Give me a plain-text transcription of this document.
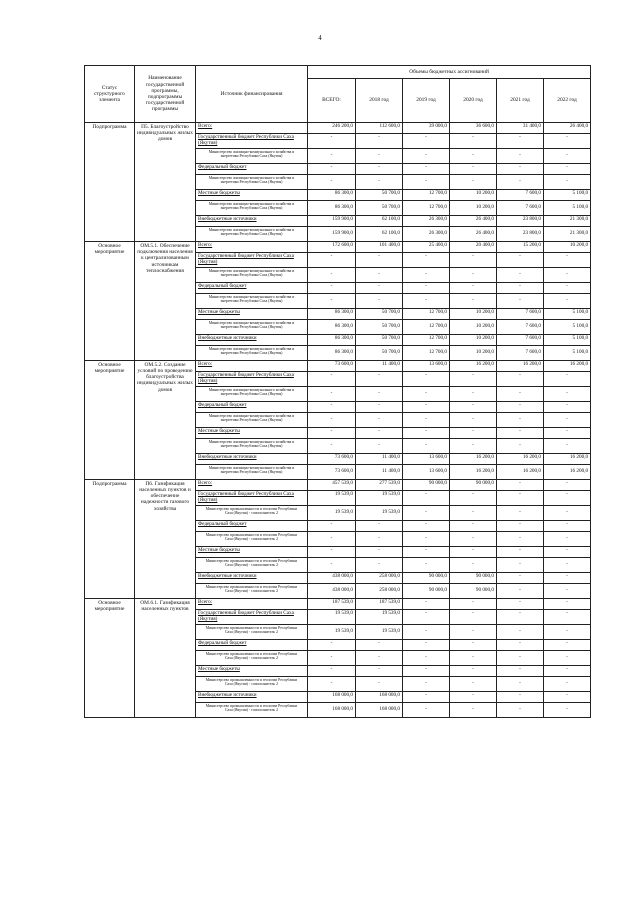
4
Статус структурного элемента	Наименование государственной программы, подпрограммы государственной программы	Источник финансирования	Объемы бюджетных ассигнований					
			ВСЕГО:	2018 год	2019 год	2020 год	2021 год	2022 год
Подпрограмма	П5. Благоустройство индивидуальных жилых домов	Всего:	246 200,0	112 600,0	39 000,0	36 600,0	31 400,0	26 400,0
		Государственный бюджет Республики Саха (Якутия)	-	-	-	-	-	-
		Министерство жилищно-коммунального хозяйства и энергетики Республики Саха (Якутия)	-	-	-	-	-	-
		Федеральный бюджет	-	-	-	-	-	-
		Министерство жилищно-коммунального хозяйства и энергетики Республики Саха (Якутия)	-	-	-	-	-	-
		Местные бюджеты	86 300,0	50 700,0	12 700,0	10 200,0	7 600,0	5 100,0
		Министерство жилищно-коммунального хозяйства и энергетики Республики Саха (Якутия)	86 300,0	50 700,0	12 700,0	10 200,0	7 600,0	5 100,0
		Внебюджетные источники	159 900,0	62 100,0	26 300,0	26 400,0	23 800,0	21 300,0
		Министерство жилищно-коммунального хозяйства и энергетики Республики Саха (Якутия)	159 900,0	62 100,0	26 300,0	26 400,0	23 800,0	21 300,0
Основное мероприятие	ОМ.5.1. Обеспечение подключения населения к централизованным источникам теплоснабжения	Всего:	172 600,0	101 400,0	25 400,0	20 400,0	15 200,0	10 200,0
		Государственный бюджет Республики Саха (Якутия)	-	-	-	-	-	-
		Министерство жилищно-коммунального хозяйства и энергетики Республики Саха (Якутия)	-	-	-	-	-	-
		Федеральный бюджет	-	-	-	-	-	-
		Министерство жилищно-коммунального хозяйства и энергетики Республики Саха (Якутия)	-	-	-	-	-	-
		Местные бюджеты	86 300,0	50 700,0	12 700,0	10 200,0	7 600,0	5 100,0
		Министерство жилищно-коммунального хозяйства и энергетики Республики Саха (Якутия)	86 300,0	50 700,0	12 700,0	10 200,0	7 600,0	5 100,0
		Внебюджетные источники	86 300,0	50 700,0	12 700,0	10 200,0	7 600,0	5 100,0
		Министерство жилищно-коммунального хозяйства и энергетики Республики Саха (Якутия)	86 300,0	50 700,0	12 700,0	10 200,0	7 600,0	5 100,0
Основное мероприятие	ОМ.5.2. Создание условий по проведению благоустройства индивидуальных жилых домов	Всего:	73 600,0	11 400,0	13 600,0	16 200,0	16 200,0	16 200,0
		Государственный бюджет Республики Саха (Якутия)	-	-	-	-	-	-
		Министерство жилищно-коммунального хозяйства и энергетики Республики Саха (Якутия)	-	-	-	-	-	-
		Федеральный бюджет	-	-	-	-	-	-
		Министерство жилищно-коммунального хозяйства и энергетики Республики Саха (Якутия)	-	-	-	-	-	-
		Местные бюджеты	-	-	-	-	-	-
		Министерство жилищно-коммунального хозяйства и энергетики Республики Саха (Якутия)	-	-	-	-	-	-
		Внебюджетные источники	73 600,0	11 400,0	13 600,0	16 200,0	16 200,0	16 200,0
		Министерство жилищно-коммунального хозяйства и энергетики Республики Саха (Якутия)	73 600,0	11 400,0	13 600,0	16 200,0	16 200,0	16 200,0
Подпрограмма	П6. Газификация населенных пунктов и обеспечение надежности газового хозяйства	Всего:	457 539,0	277 539,0	90 000,0	90 000,0	-	-
		Государственный бюджет Республики Саха (Якутия)	19 539,0	19 539,0	-	-	-	-
		Министерство промышленности и геологии Республики Саха (Якутия) - соисполнитель 2	19 539,0	19 539,0	-	-	-	-
		Федеральный бюджет	-	-	-	-	-	-
		Министерство промышленности и геологии Республики Саха (Якутия) - соисполнитель 2	-	-	-	-	-	-
		Местные бюджеты	-	-	-	-	-	-
		Министерство промышленности и геологии Республики Саха (Якутия) - соисполнитель 2	-	-	-	-	-	-
		Внебюджетные источники	438 000,0	258 000,0	90 000,0	90 000,0	-	-
		Министерство промышленности и геологии Республики Саха (Якутия) - соисполнитель 2	438 000,0	258 000,0	90 000,0	90 000,0	-	-
Основное мероприятие	ОМ.6.1. Газификация населенных пунктов	Всего:	187 539,0	187 539,0	-	-	-	-
		Государственный бюджет Республики Саха (Якутия)	19 539,0	19 539,0	-	-	-	-
		Министерство промышленности и геологии Республики Саха (Якутия) - соисполнитель 2	19 539,0	19 539,0	-	-	-	-
		Федеральный бюджет	-	-	-	-	-	-
		Министерство промышленности и геологии Республики Саха (Якутия) - соисполнитель 2	-	-	-	-	-	-
		Местные бюджеты	-	-	-	-	-	-
		Министерство промышленности и геологии Республики Саха (Якутия) - соисполнитель 2	-	-	-	-	-	-
		Внебюджетные источники	168 000,0	168 000,0	-	-	-	-
		Министерство промышленности и геологии Республики Саха (Якутия) - соисполнитель 2	168 000,0	168 000,0	-	-	-	-
